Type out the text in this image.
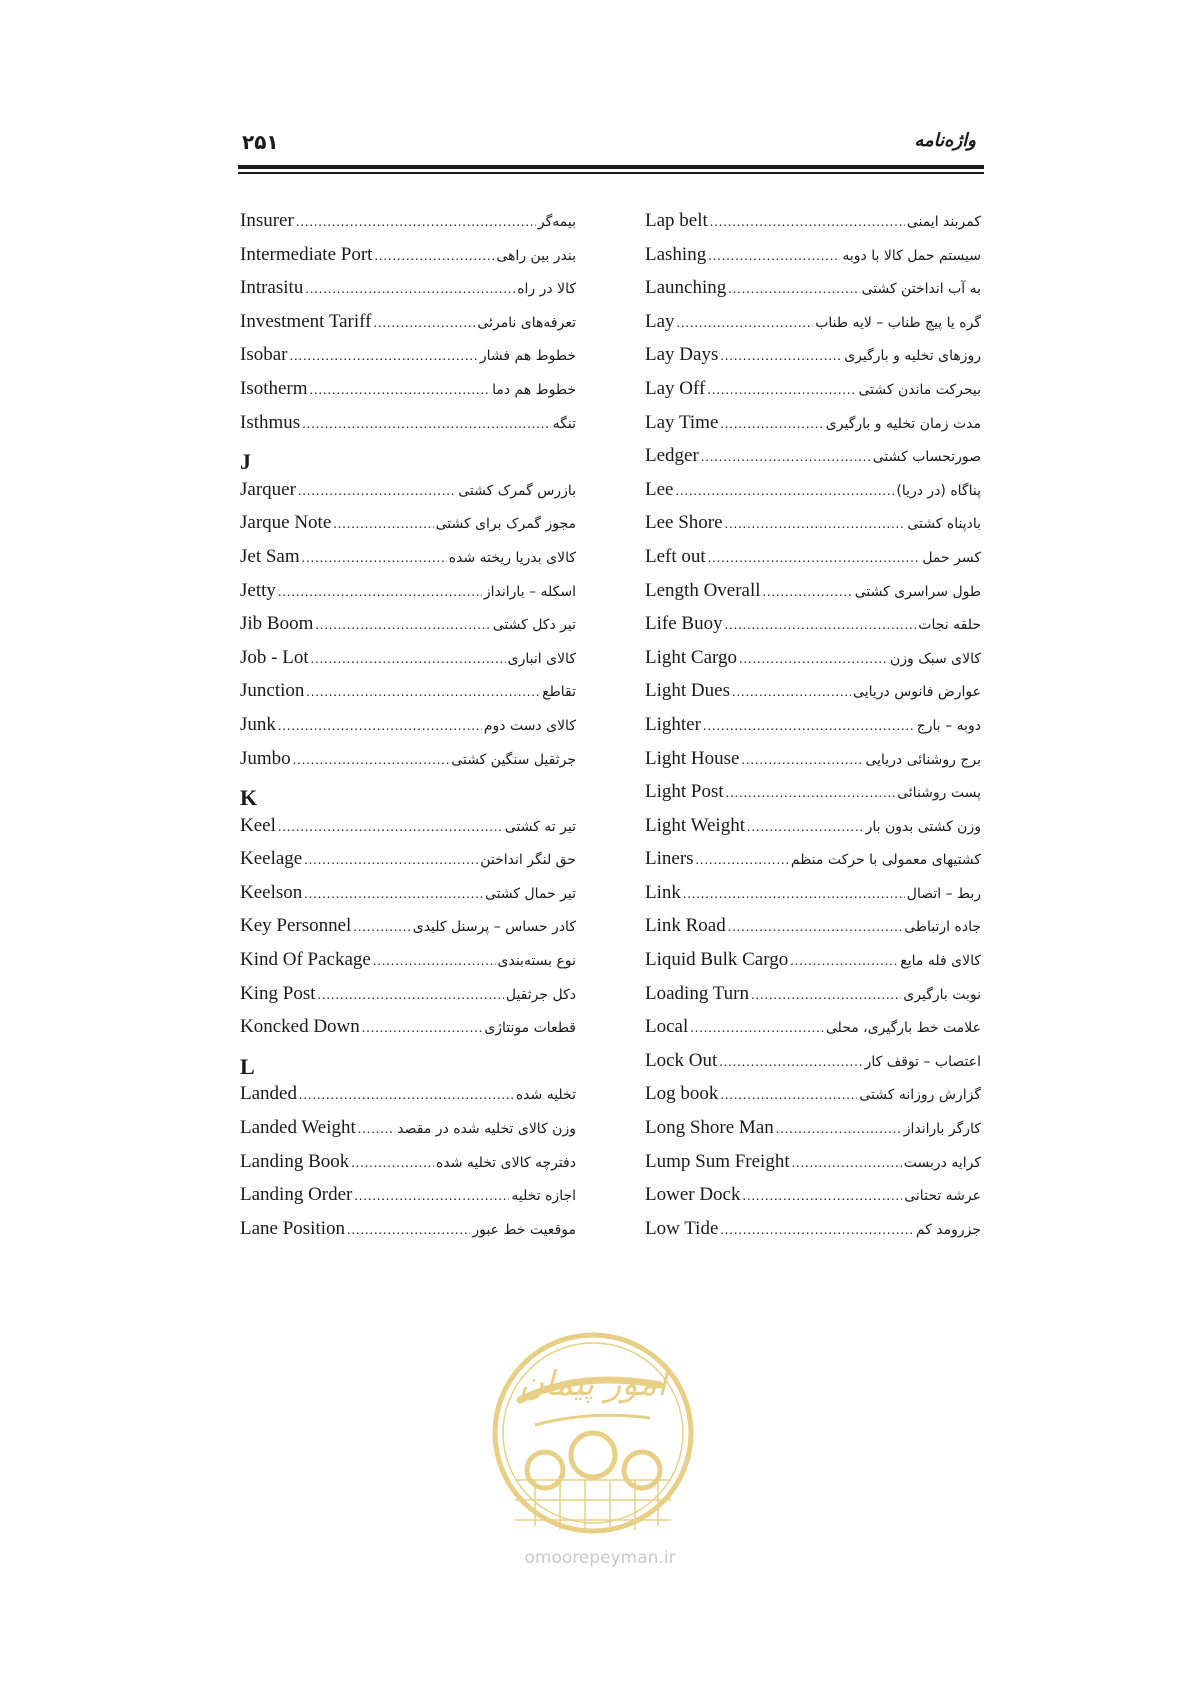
۲۵۱	واژه‌نامه
Insurer .....	بیمه‌گر
Intermediate Port .....	بندر بین راهی
Intrasitu .....	کالا در راه
Investment Tariff .....	تعرفه‌های نامرئی
Isobar .....	خطوط هم فشار
Isotherm .....	خطوط هم دما
Isthmus .....	تنگه
J
Jarquer .....	بازرس گمرک کشتی
Jarque Note .....	مجوز گمرک برای کشتی
Jet Sam .....	کالای بدریا ریخته شده
Jetty .....	اسکله – بارانداز
Jib Boom .....	تیر دکل کشتی
Job - Lot .....	کالای انباری
Junction .....	تقاطع
Junk .....	کالای دست دوم
Jumbo .....	جرثقیل سنگین کشتی
K
Keel .....	تیر ته کشتی
Keelage .....	حق لنگر انداختن
Keelson .....	تیر حمال کشتی
Key Personnel .....	کادر حساس – پرسنل کلیدی
Kind Of Package .....	نوع بسته‌بندی
King Post .....	دکل جرثقیل
Koncked Down .....	قطعات مونتاژی
L
Landed .....	تخلیه شده
Landed Weight .....	وزن کالای تخلیه شده در مقصد
Landing Book .....	دفترچه کالای تخلیه شده
Landing Order .....	اجازه تخلیه
Lane Position .....	موقعیت خط عبور
Lap belt .....	کمربند ایمنی
Lashing .....	سیستم حمل کالا با دوبه
Launching .....	به آب انداختن کشتی
Lay .....	گره یا پیچ طناب – لایه طناب
Lay Days .....	روزهای تخلیه و بارگیری
Lay Off .....	بیحرکت ماندن کشتی
Lay Time .....	مدت زمان تخلیه و بارگیری
Ledger .....	صورتحساب کشتی
Lee .....	پناگاه (در دریا)
Lee Shore .....	بادپناه کشتی
Left out .....	کسر حمل
Length Overall .....	طول سراسری کشتی
Life Buoy .....	حلقه نجات
Light Cargo .....	کالای سبک وزن
Light Dues .....	عوارض فانوس دریایی
Lighter .....	دوبه – بارج
Light House .....	برج روشنائی دریایی
Light Post .....	پست روشنائی
Light Weight .....	وزن کشتی بدون بار
Liners .....	کشتیهای معمولی با حرکت منظم
Link .....	ربط – اتصال
Link Road .....	جاده ارتباطی
Liquid Bulk Cargo .....	کالای فله مایع
Loading Turn .....	نوبت بارگیری
Local .....	علامت خط بارگیری، محلی
Lock Out .....	اعتصاب – توقف کار
Log book .....	گزارش روزانه کشتی
Long Shore Man .....	کارگر بارانداز
Lump Sum Freight .....	کرایه دربست
Lower Dock .....	عرشه تحتانی
Low Tide .....	جزرومد کم
امور پیمان
omoorepeyman.ir
